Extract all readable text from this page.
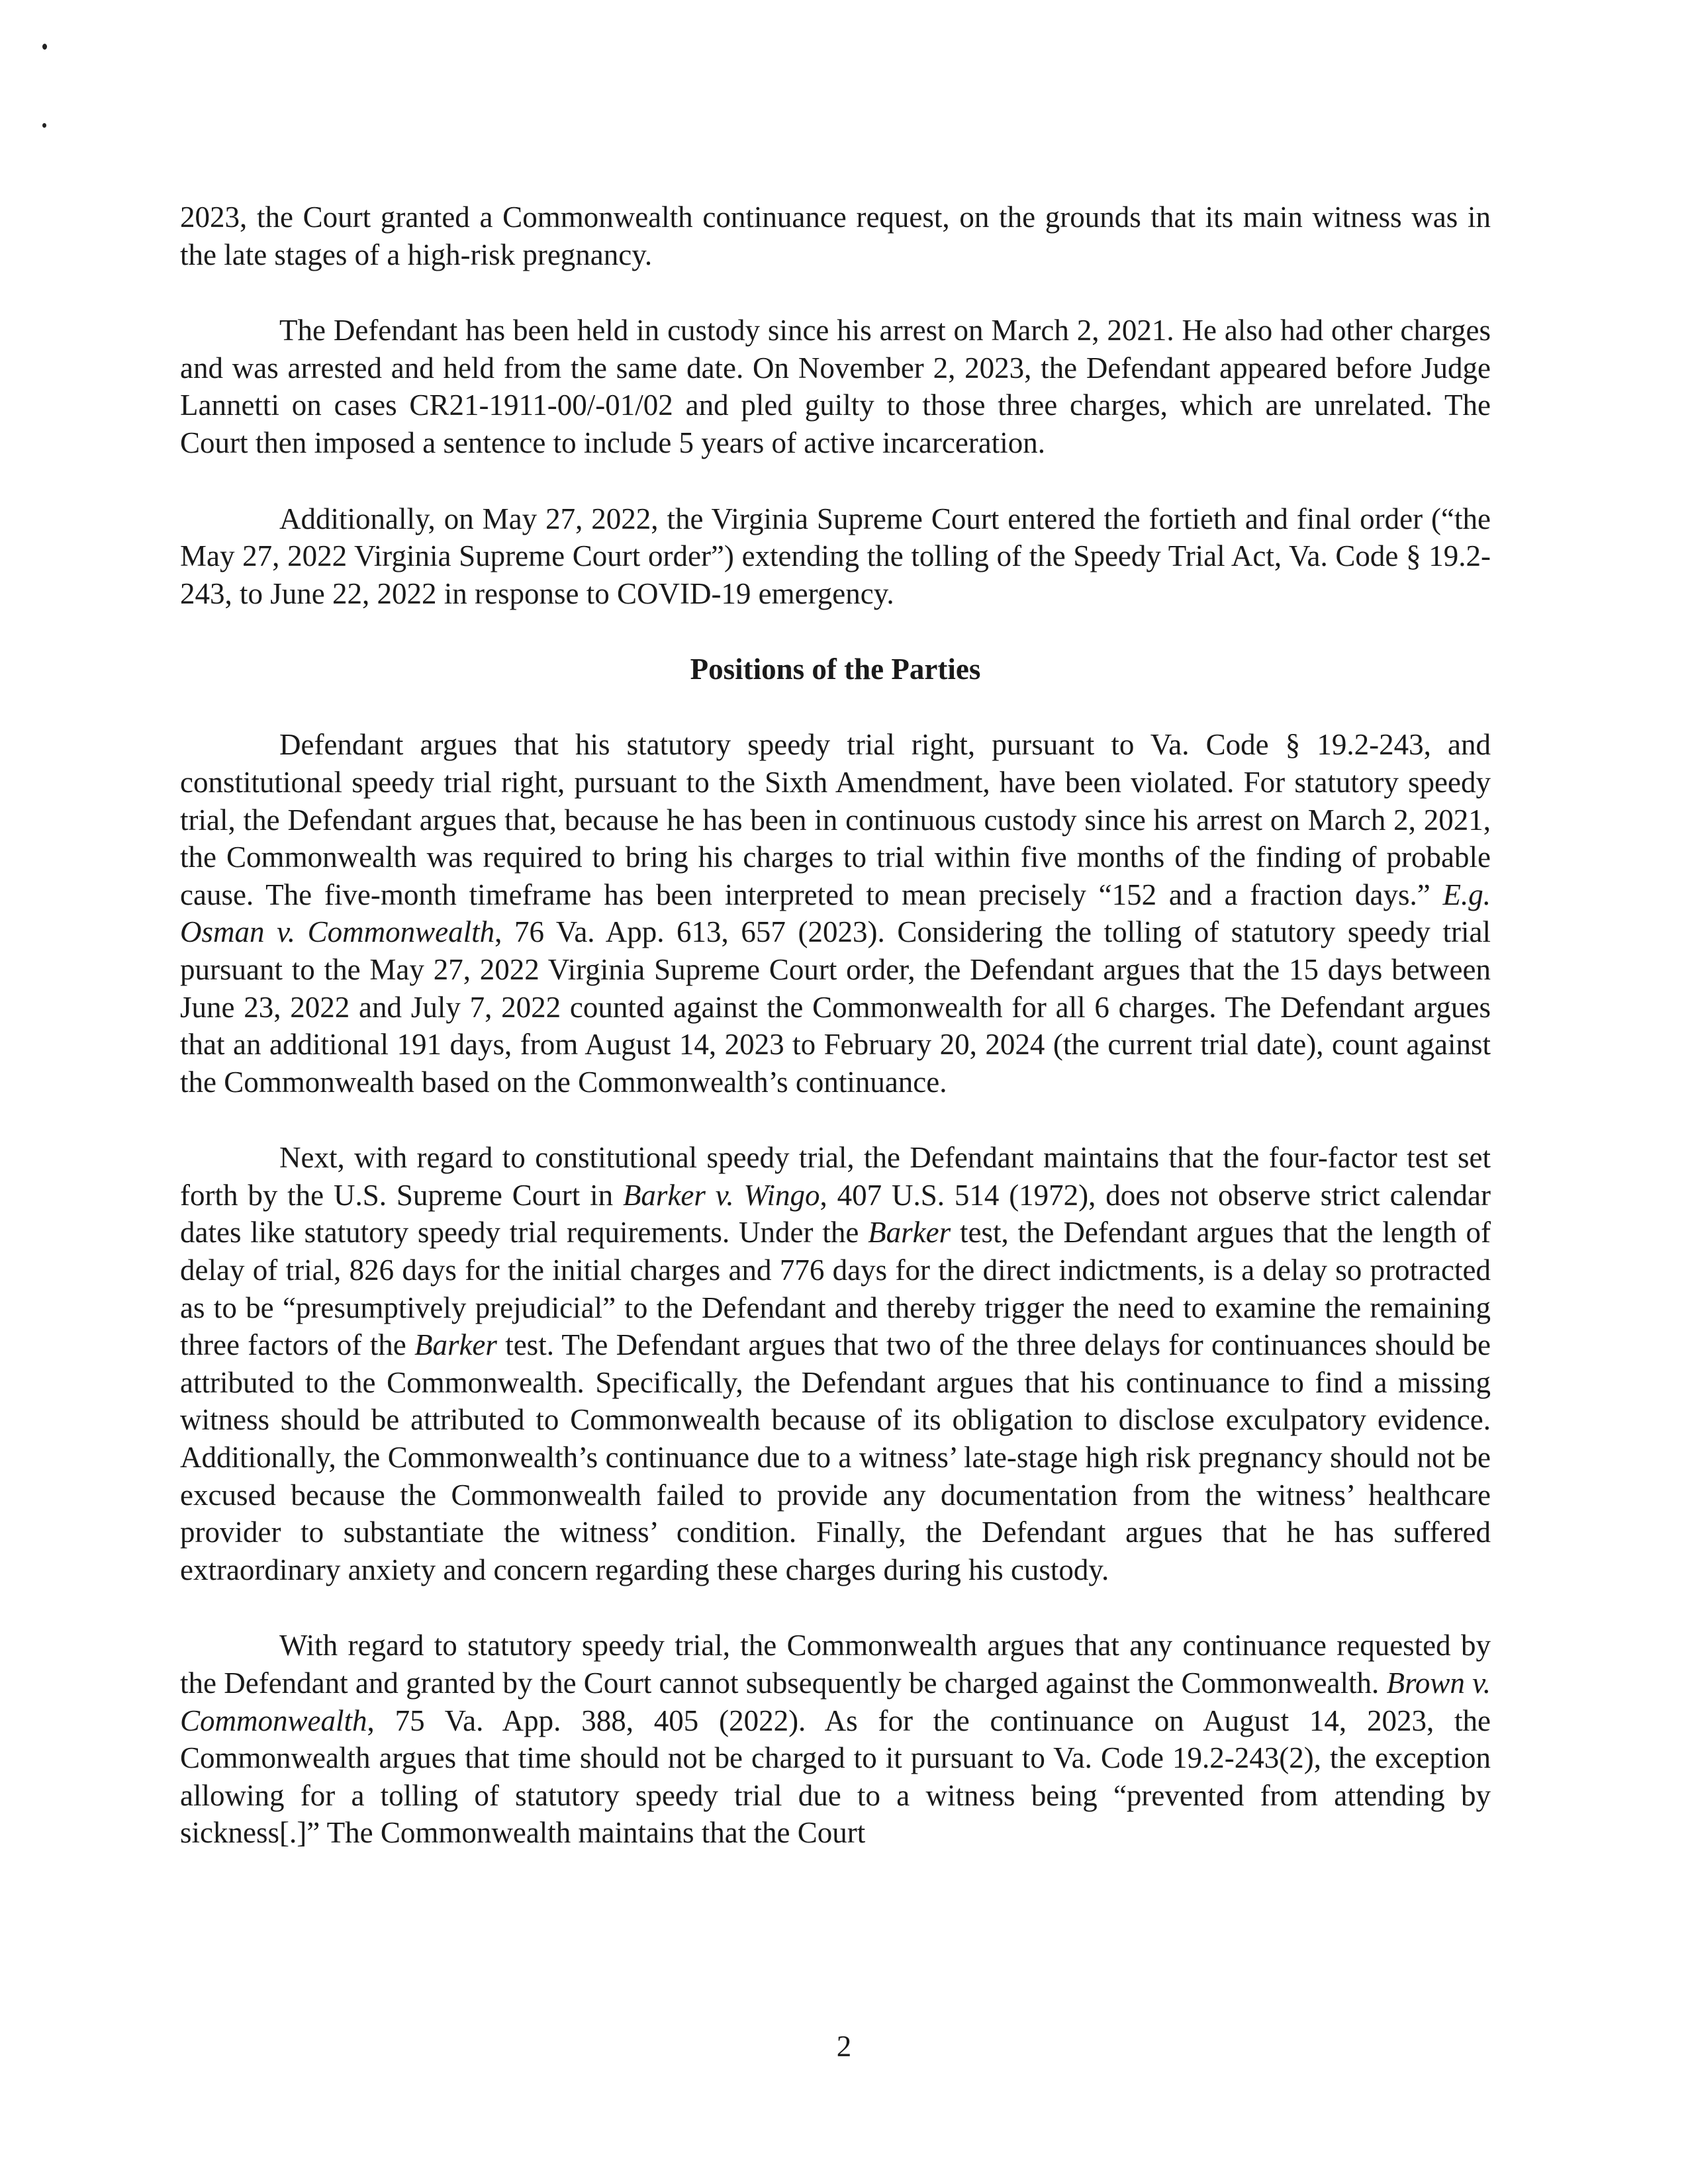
2023, the Court granted a Commonwealth continuance request, on the grounds that its main witness was in the late stages of a high-risk pregnancy.

The Defendant has been held in custody since his arrest on March 2, 2021. He also had other charges and was arrested and held from the same date. On November 2, 2023, the Defendant appeared before Judge Lannetti on cases CR21-1911-00/-01/02 and pled guilty to those three charges, which are unrelated. The Court then imposed a sentence to include 5 years of active incarceration.

Additionally, on May 27, 2022, the Virginia Supreme Court entered the fortieth and final order (“the May 27, 2022 Virginia Supreme Court order”) extending the tolling of the Speedy Trial Act, Va. Code § 19.2-243, to June 22, 2022 in response to COVID-19 emergency.

Positions of the Parties

Defendant argues that his statutory speedy trial right, pursuant to Va. Code § 19.2-243, and constitutional speedy trial right, pursuant to the Sixth Amendment, have been violated. For statutory speedy trial, the Defendant argues that, because he has been in continuous custody since his arrest on March 2, 2021, the Commonwealth was required to bring his charges to trial within five months of the finding of probable cause. The five-month timeframe has been interpreted to mean precisely “152 and a fraction days.” E.g. Osman v. Commonwealth, 76 Va. App. 613, 657 (2023). Considering the tolling of statutory speedy trial pursuant to the May 27, 2022 Virginia Supreme Court order, the Defendant argues that the 15 days between June 23, 2022 and July 7, 2022 counted against the Commonwealth for all 6 charges. The Defendant argues that an additional 191 days, from August 14, 2023 to February 20, 2024 (the current trial date), count against the Commonwealth based on the Commonwealth’s continuance.

Next, with regard to constitutional speedy trial, the Defendant maintains that the four-factor test set forth by the U.S. Supreme Court in Barker v. Wingo, 407 U.S. 514 (1972), does not observe strict calendar dates like statutory speedy trial requirements. Under the Barker test, the Defendant argues that the length of delay of trial, 826 days for the initial charges and 776 days for the direct indictments, is a delay so protracted as to be “presumptively prejudicial” to the Defendant and thereby trigger the need to examine the remaining three factors of the Barker test. The Defendant argues that two of the three delays for continuances should be attributed to the Commonwealth. Specifically, the Defendant argues that his continuance to find a missing witness should be attributed to Commonwealth because of its obligation to disclose exculpatory evidence. Additionally, the Commonwealth’s continuance due to a witness’ late-stage high risk pregnancy should not be excused because the Commonwealth failed to provide any documentation from the witness’ healthcare provider to substantiate the witness’ condition. Finally, the Defendant argues that he has suffered extraordinary anxiety and concern regarding these charges during his custody.

With regard to statutory speedy trial, the Commonwealth argues that any continuance requested by the Defendant and granted by the Court cannot subsequently be charged against the Commonwealth. Brown v. Commonwealth, 75 Va. App. 388, 405 (2022). As for the continuance on August 14, 2023, the Commonwealth argues that time should not be charged to it pursuant to Va. Code 19.2-243(2), the exception allowing for a tolling of statutory speedy trial due to a witness being “prevented from attending by sickness[.]” The Commonwealth maintains that the Court

2
